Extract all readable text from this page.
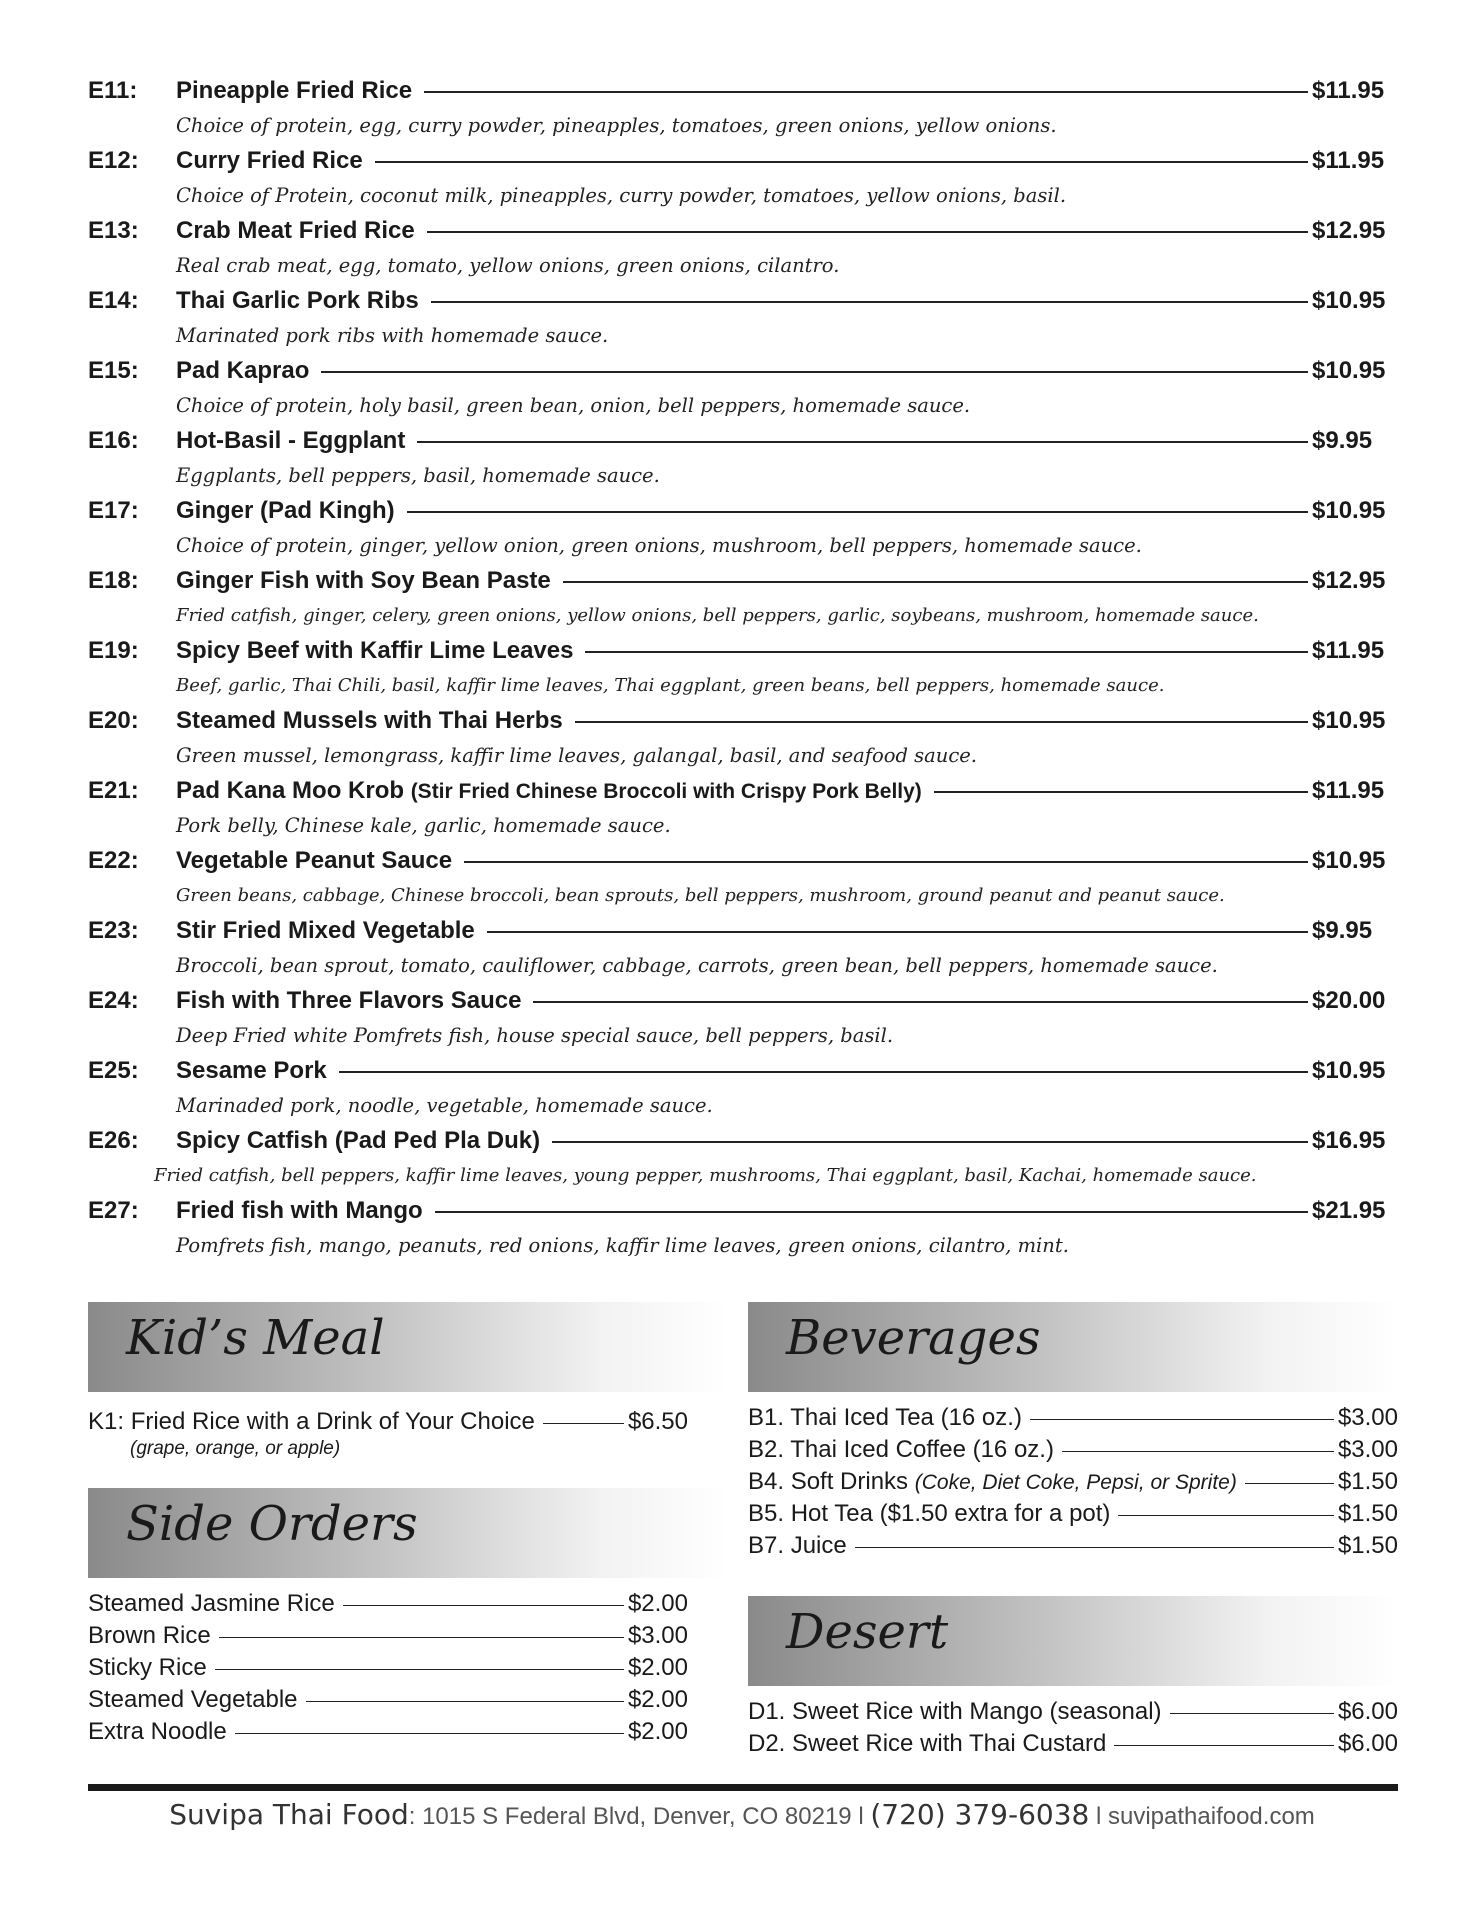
E11:	Pineapple Fried Rice	$11.95
Choice of protein, egg, curry powder, pineapples, tomatoes, green onions, yellow onions.
E12:	Curry Fried Rice	$11.95
Choice of Protein, coconut milk, pineapples, curry powder, tomatoes, yellow onions, basil.
E13:	Crab Meat Fried Rice	$12.95
Real crab meat, egg, tomato, yellow onions, green onions, cilantro.
E14:	Thai Garlic Pork Ribs	$10.95
Marinated pork ribs with homemade sauce.
E15:	Pad Kaprao	$10.95
Choice of protein, holy basil, green bean, onion, bell peppers, homemade sauce.
E16:	Hot-Basil - Eggplant	$9.95
Eggplants, bell peppers, basil, homemade sauce.
E17:	Ginger (Pad Kingh)	$10.95
Choice of protein, ginger, yellow onion, green onions, mushroom, bell peppers, homemade sauce.
E18:	Ginger Fish with Soy Bean Paste	$12.95
Fried catfish, ginger, celery, green onions, yellow onions, bell peppers, garlic, soybeans, mushroom, homemade sauce.
E19:	Spicy Beef with Kaffir Lime Leaves	$11.95
Beef, garlic, Thai Chili, basil, kaffir lime leaves, Thai eggplant, green beans, bell peppers, homemade sauce.
E20:	Steamed Mussels with Thai Herbs	$10.95
Green mussel, lemongrass, kaffir lime leaves, galangal, basil, and seafood sauce.
E21:	Pad Kana Moo Krob (Stir Fried Chinese Broccoli with Crispy Pork Belly)	$11.95
Pork belly, Chinese kale, garlic, homemade sauce.
E22:	Vegetable Peanut Sauce	$10.95
Green beans, cabbage, Chinese broccoli, bean sprouts, bell peppers, mushroom, ground peanut and peanut sauce.
E23:	Stir Fried Mixed Vegetable	$9.95
Broccoli, bean sprout, tomato, cauliflower, cabbage, carrots, green bean, bell peppers, homemade sauce.
E24:	Fish with Three Flavors Sauce	$20.00
Deep Fried white Pomfrets fish, house special sauce, bell peppers, basil.
E25:	Sesame Pork	$10.95
Marinaded pork, noodle, vegetable, homemade sauce.
E26:	Spicy Catfish (Pad Ped Pla Duk)	$16.95
Fried catfish, bell peppers, kaffir lime leaves, young pepper, mushrooms, Thai eggplant, basil, Kachai, homemade sauce.
E27:	Fried fish with Mango	$21.95
Pomfrets fish, mango, peanuts, red onions, kaffir lime leaves, green onions, cilantro, mint.
Kid’s Meal
K1: Fried Rice with a Drink of Your Choice	$6.50
(grape, orange, or apple)
Side Orders
Steamed Jasmine Rice	$2.00
Brown Rice	$3.00
Sticky Rice	$2.00
Steamed Vegetable	$2.00
Extra Noodle	$2.00
Beverages
B1. Thai Iced Tea (16 oz.)	$3.00
B2. Thai Iced Coffee (16 oz.)	$3.00
B4. Soft Drinks (Coke, Diet Coke, Pepsi, or Sprite)	$1.50
B5. Hot Tea ($1.50 extra for a pot)	$1.50
B7. Juice	$1.50
Desert
D1. Sweet Rice with Mango (seasonal)	$6.00
D2. Sweet Rice with Thai Custard	$6.00
Suvipa Thai Food: 1015 S Federal Blvd, Denver, CO 80219 l (720) 379-6038 l suvipathaifood.com
